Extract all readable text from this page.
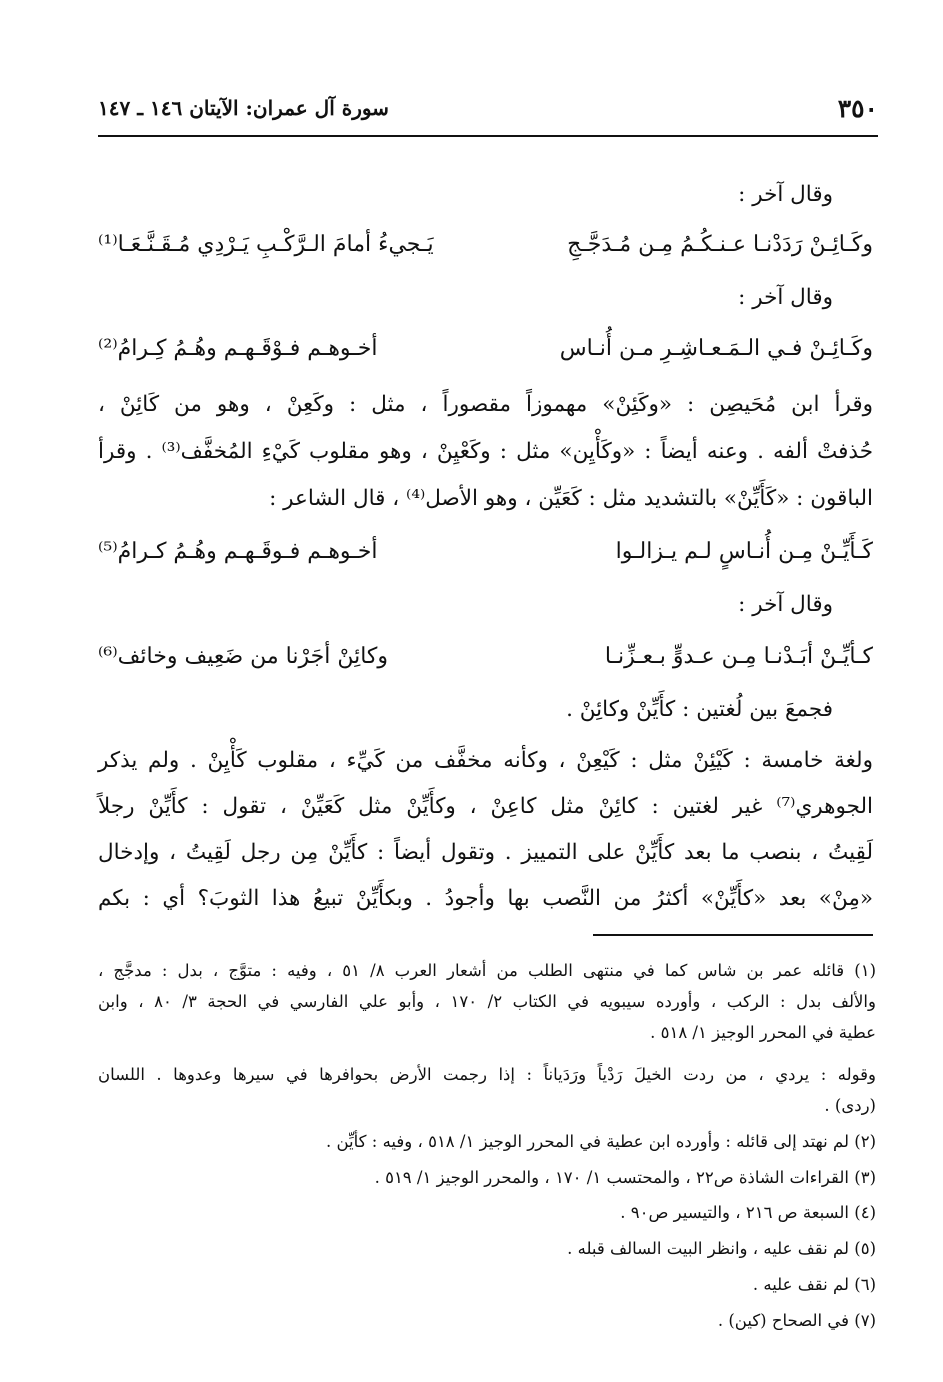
٣٥٠
سورة آل عمران: الآيتان ١٤٦ ـ ١٤٧
وقال آخر :
وكَـائِـنْ رَدَدْنـا عـنـكُـمُ مِـن مُـدَجَّـجِ
يَـجيءُ أمامَ الـرَّكْـبِ يَـرْدِي مُـقَـنَّـعَـا⁽¹⁾
وقال آخر :
وكَـائِـنْ فـي الـمَـعـاشِـرِ مـن أُنـاس
أخـوهـم فـوْقَـهـم وهُـمُ كِـرامُ⁽²⁾
وقرأ ابن مُحَيصِن : «وكَئِنْ» مهموزاً مقصوراً ، مثل : وكَعِنْ ، وهو من كَائِنْ ،
حُذفتْ ألفه . وعنه أيضاً : «وكَأْيِن» مثل : وكَعْيِنْ ، وهو مقلوب كَيْءِ المُخفَّف⁽³⁾ . وقرأ
الباقون : «كَأَيِّنْ» بالتشديد مثل : كَعَيِّن ، وهو الأصل⁽⁴⁾ ، قال الشاعر :
كَـأَيِّـنْ مِـن أُنـاسٍ لـم يـزالـوا
أخـوهـم فـوقَـهـم وهُـمُ كـرامُ⁽⁵⁾
وقال آخر :
كـأيِّـنْ أبَـدْنـا مِـن عـدوٍّ بـعـزِّنـا
وكائِنْ أجَرْنا من ضَعِيف وخائف⁽⁶⁾
فجمعَ بين لُغتين : كأَيِّنْ وكائِنْ .
ولغة خامسة : كَيْئِنْ مثل : كَيْعِنْ ، وكأنه مخفَّف من كَيِّء ، مقلوب كَأْيِنْ . ولم يذكر
الجوهري⁽⁷⁾ غير لغتين : كائِنْ مثل كاعِنْ ، وكأَيِّنْ مثل كَعَيِّنْ ، تقول : كأَيِّنْ رجلاً
لَقِيتُ ، بنصب ما بعد كأَيِّنْ على التمييز . وتقول أيضاً : كأَيِّنْ مِن رجل لَقِيتُ ، وإدخال
«مِنْ» بعد «كأَيِّنْ» أكثرُ من النَّصب بها وأجودُ . وبكأَيِّنْ تبيعُ هذا الثوبَ؟ أي : بكم
(١) قائله عمر بن شاس كما في منتهى الطلب من أشعار العرب ٨/ ٥١ ، وفيه : متوَّج ، بدل : مدجَّج ،
والألف بدل : الركب ، وأورده سيبويه في الكتاب ٢/ ١٧٠ ، وأبو علي الفارسي في الحجة ٣/ ٨٠ ، وابن
عطية في المحرر الوجيز ١/ ٥١٨ .
وقوله : يردي ، من ردت الخيلَ رَدْياً ورَدَياناً : إذا رجمت الأرض بحوافرها في سيرها وعدوها . اللسان
(ردى) .
(٢) لم نهتد إلى قائله : وأورده ابن عطية في المحرر الوجيز ١/ ٥١٨ ، وفيه : كأيِّن .
(٣) القراءات الشاذة ص٢٢ ، والمحتسب ١/ ١٧٠ ، والمحرر الوجيز ١/ ٥١٩ .
(٤) السبعة ص ٢١٦ ، والتيسير ص٩٠ .
(٥) لم نقف عليه ، وانظر البيت السالف قبله .
(٦) لم نقف عليه .
(٧) في الصحاح (كين) .
